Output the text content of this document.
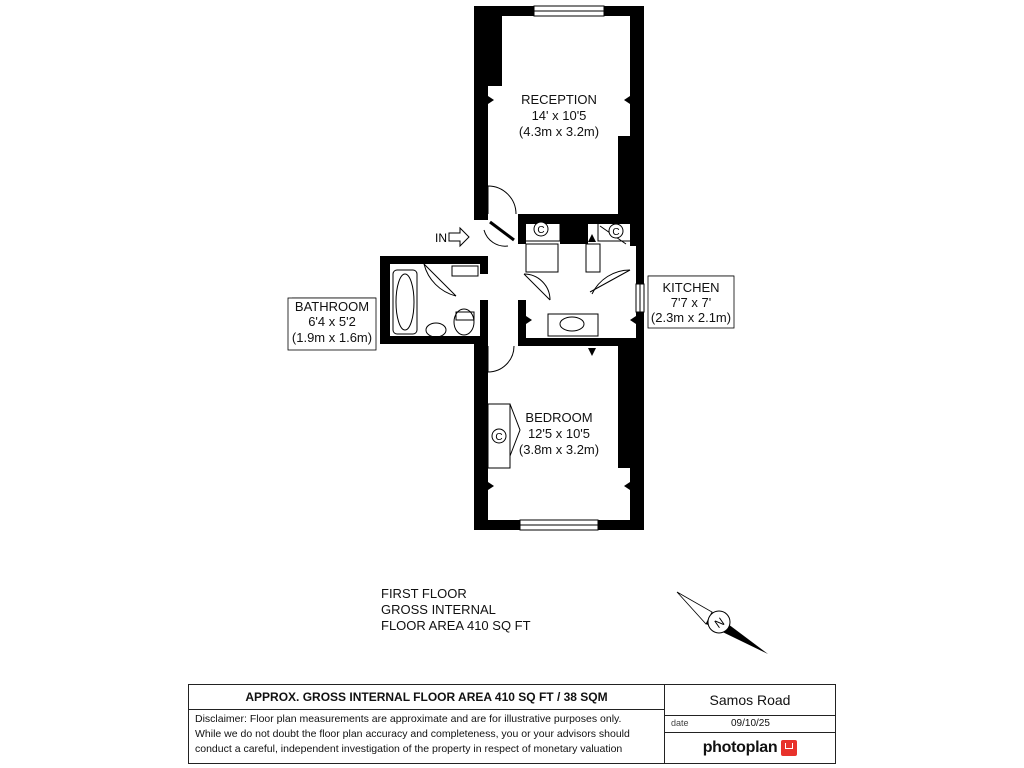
C	C
C
IN
RECEPTION
14' x 10'5
(4.3m x 3.2m)
KITCHEN
7'7 x 7'
(2.3m x 2.1m)
BATHROOM
6'4 x 5'2
(1.9m x 1.6m)
BEDROOM
12'5 x 10'5
(3.8m x 3.2m)
N
FIRST FLOOR
GROSS INTERNAL
FLOOR AREA 410 SQ FT
APPROX. GROSS INTERNAL FLOOR AREA 410 SQ FT / 38 SQM
Disclaimer: Floor plan measurements are approximate and are for illustrative purposes only.
While we do not doubt the floor plan accuracy and completeness, you or your advisors should
conduct a careful, independent investigation of the property in respect of monetary valuation
Samos Road
date	09/10/25
photoplan
